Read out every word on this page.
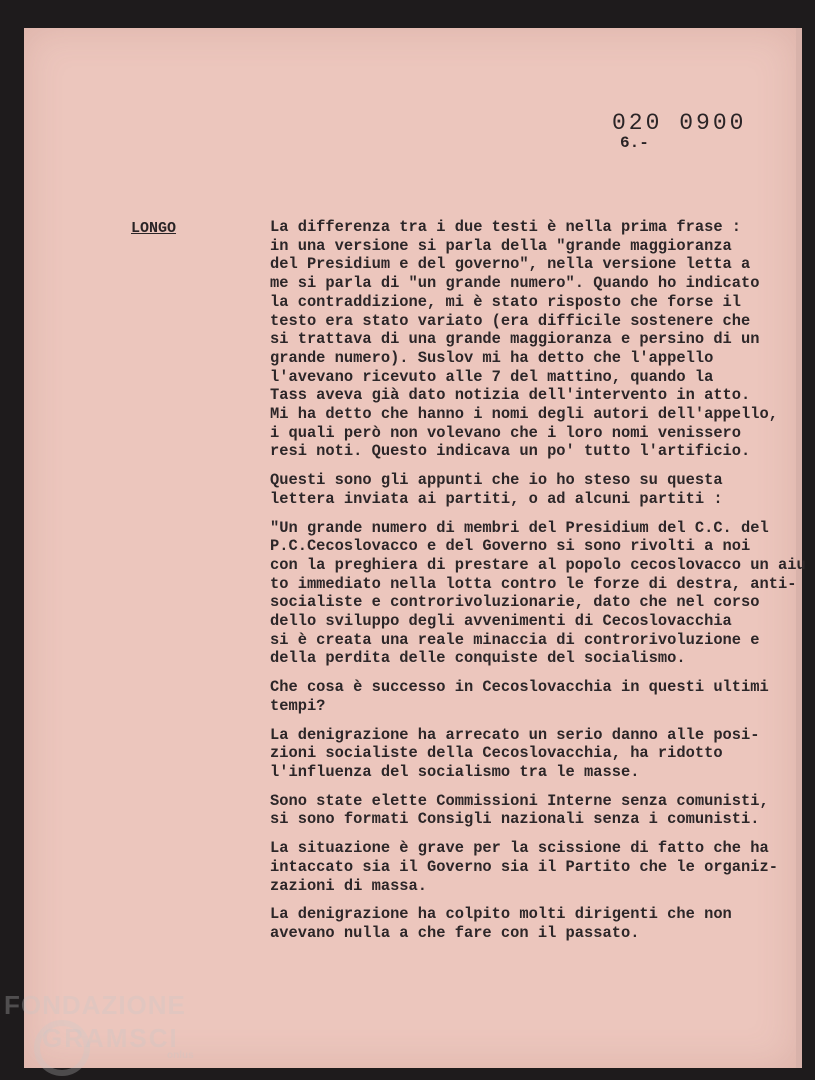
020 0900
6.-
LONGO	La differenza tra i due testi è nella prima frase :
in una versione si parla della "grande maggioranza
del Presidium e del governo", nella versione letta a
me si parla di "un grande numero". Quando ho indicato
la contraddizione, mi è stato risposto che forse il
testo era stato variato (era difficile sostenere che
si trattava di una grande maggioranza e persino di un
grande numero). Suslov mi ha detto che l'appello
l'avevano ricevuto alle 7 del mattino, quando la
Tass aveva già dato notizia dell'intervento in atto.
Mi ha detto che hanno i nomi degli autori dell'appello,
i quali però non volevano che i loro nomi venissero
resi noti. Questo indicava un po' tutto l'artificio.
Questi sono gli appunti che io ho steso su questa
lettera inviata ai partiti, o ad alcuni partiti :
"Un grande numero di membri del Presidium del C.C. del
P.C.Cecoslovacco e del Governo si sono rivolti a noi
con la preghiera di prestare al popolo cecoslovacco un aiu
to immediato nella lotta contro le forze di destra, anti-
socialiste e controrivoluzionarie, dato che nel corso
dello sviluppo degli avvenimenti di Cecoslovacchia
si è creata una reale minaccia di controrivoluzione e
della perdita delle conquiste del socialismo.
Che cosa è successo in Cecoslovacchia in questi ultimi
tempi?
La denigrazione ha arrecato un serio danno alle posi-
zioni socialiste della Cecoslovacchia, ha ridotto
l'influenza del socialismo tra le masse.
Sono state elette Commissioni Interne senza comunisti,
si sono formati Consigli nazionali senza i comunisti.
La situazione è grave per la scissione di fatto che ha
intaccato sia il Governo sia il Partito che le organiz-
zazioni di massa.
La denigrazione ha colpito molti dirigenti che non
avevano nulla a che fare con il passato.
FONDAZIONE
GRAMSCI
onlus
